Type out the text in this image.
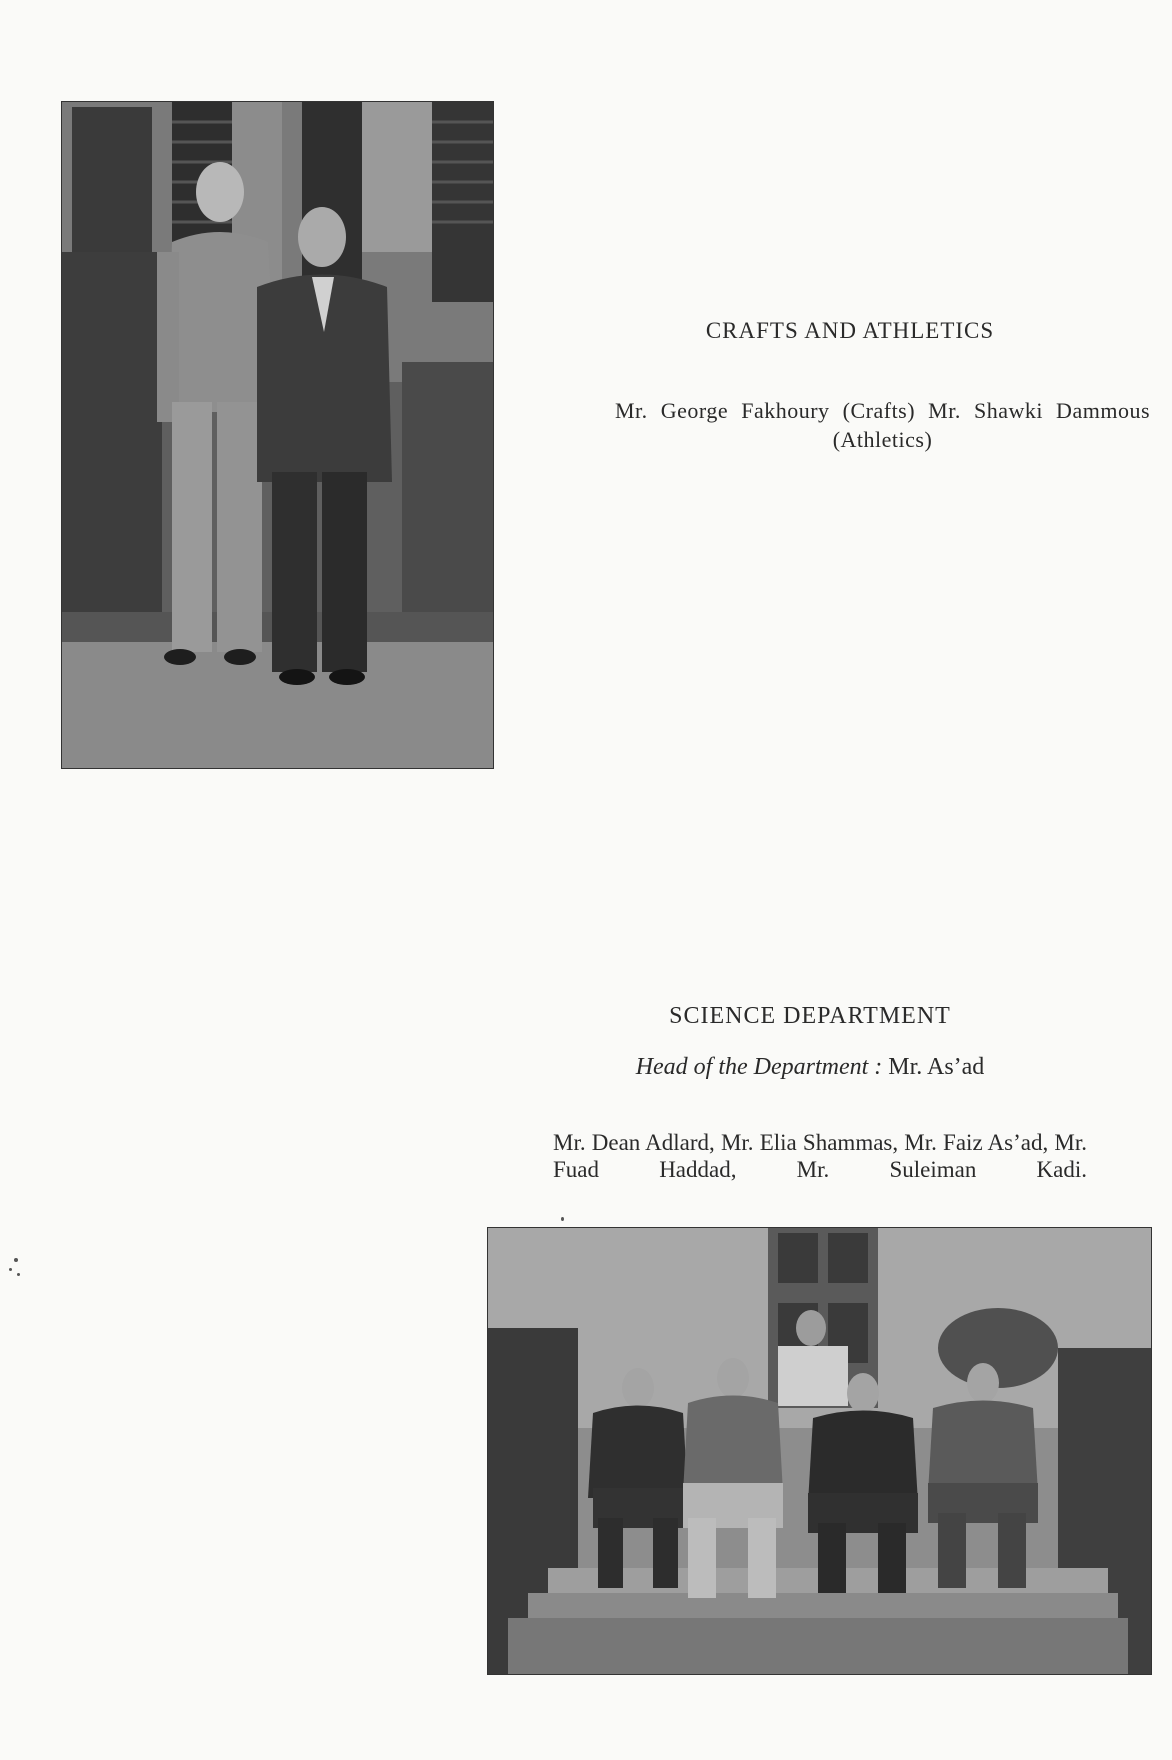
CRAFTS AND ATHLETICS
Mr. George Fakhoury (Crafts) Mr. Shawki Dammous (Athletics)
SCIENCE DEPARTMENT
Head of the Department : Mr. As’ad
Mr. Dean Adlard, Mr. Elia Shammas, Mr. Faiz As’ad, Mr. Fuad Haddad, Mr. Suleiman Kadi.
